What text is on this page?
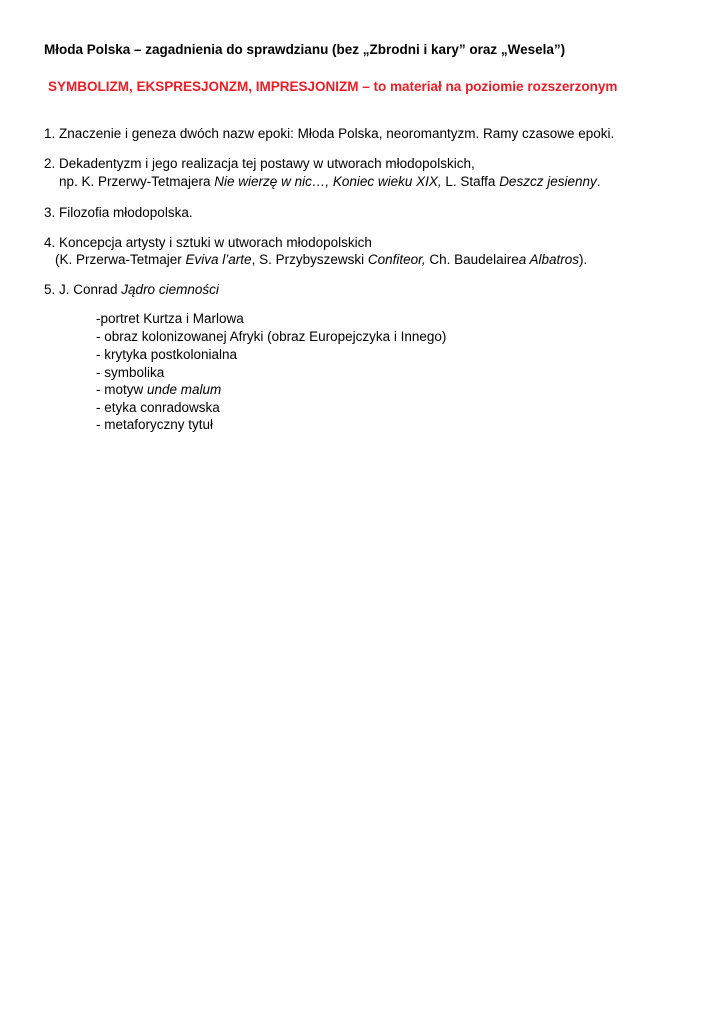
Młoda Polska – zagadnienia do sprawdzianu (bez „Zbrodni i kary” oraz „Wesela”)
SYMBOLIZM, EKSPRESJONZM, IMPRESJONIZM – to materiał na poziomie rozszerzonym
1. Znaczenie i geneza dwóch nazw epoki: Młoda Polska, neoromantyzm. Ramy czasowe epoki.
2. Dekadentyzm i jego realizacja tej postawy w utworach młodopolskich,
np. K. Przerwy-Tetmajera Nie wierzę w nic…, Koniec wieku XIX, L. Staffa Deszcz jesienny.
3. Filozofia młodopolska.
4. Koncepcja artysty i sztuki w utworach młodopolskich
(K. Przerwa-Tetmajer Eviva l’arte, S. Przybyszewski Confiteor, Ch. Baudelairea Albatros).
5. J. Conrad Jądro ciemności
-portret Kurtza i Marlowa
- obraz kolonizowanej Afryki (obraz Europejczyka i Innego)
- krytyka postkolonialna
- symbolika
- motyw unde malum
- etyka conradowska
- metaforyczny tytuł
